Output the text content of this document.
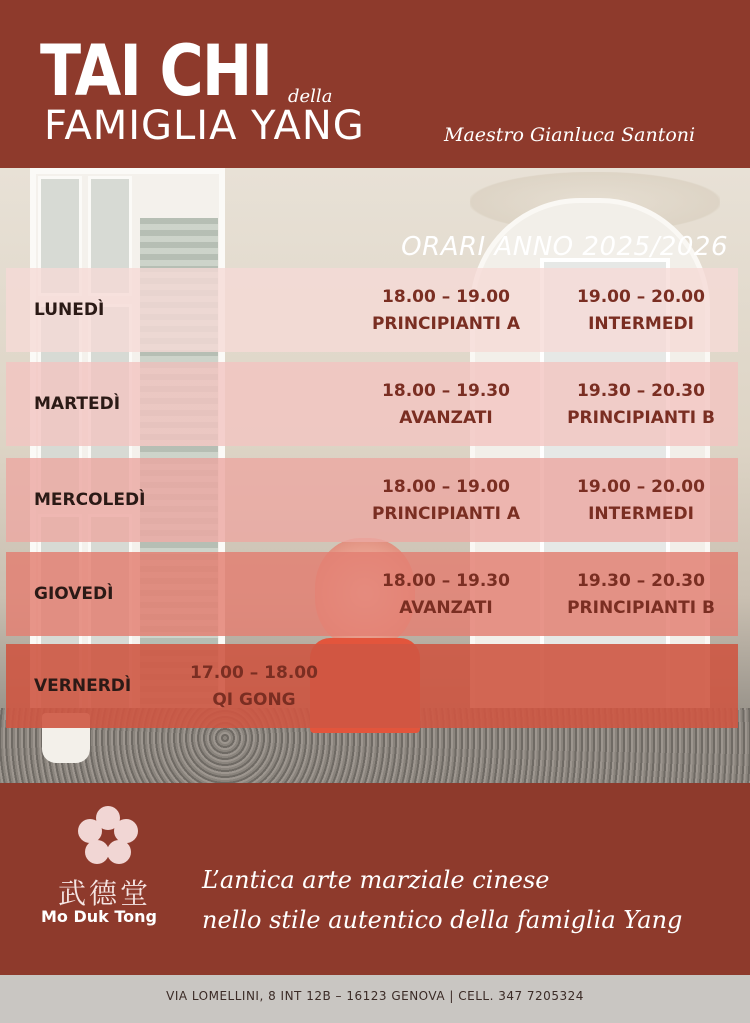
TAI CHI della
FAMIGLIA YANG	Maestro Gianluca Santoni
ORARI ANNO 2025/2026
LUNEDÌ
18.00 – 19.00
PRINCIPIANTI A
19.00 – 20.00
INTERMEDI
MARTEDÌ
18.00 – 19.30
AVANZATI
19.30 – 20.30
PRINCIPIANTI B
MERCOLEDÌ
18.00 – 19.00
PRINCIPIANTI A
19.00 – 20.00
INTERMEDI
GIOVEDÌ
18.00 – 19.30
AVANZATI
19.30 – 20.30
PRINCIPIANTI B
VERNERDÌ
17.00 – 18.00
QI GONG
武德堂
Mo Duk Tong
L’antica arte marziale cinese
nello stile autentico della famiglia Yang
VIA LOMELLINI, 8 INT 12B – 16123 GENOVA | CELL. 347 7205324
